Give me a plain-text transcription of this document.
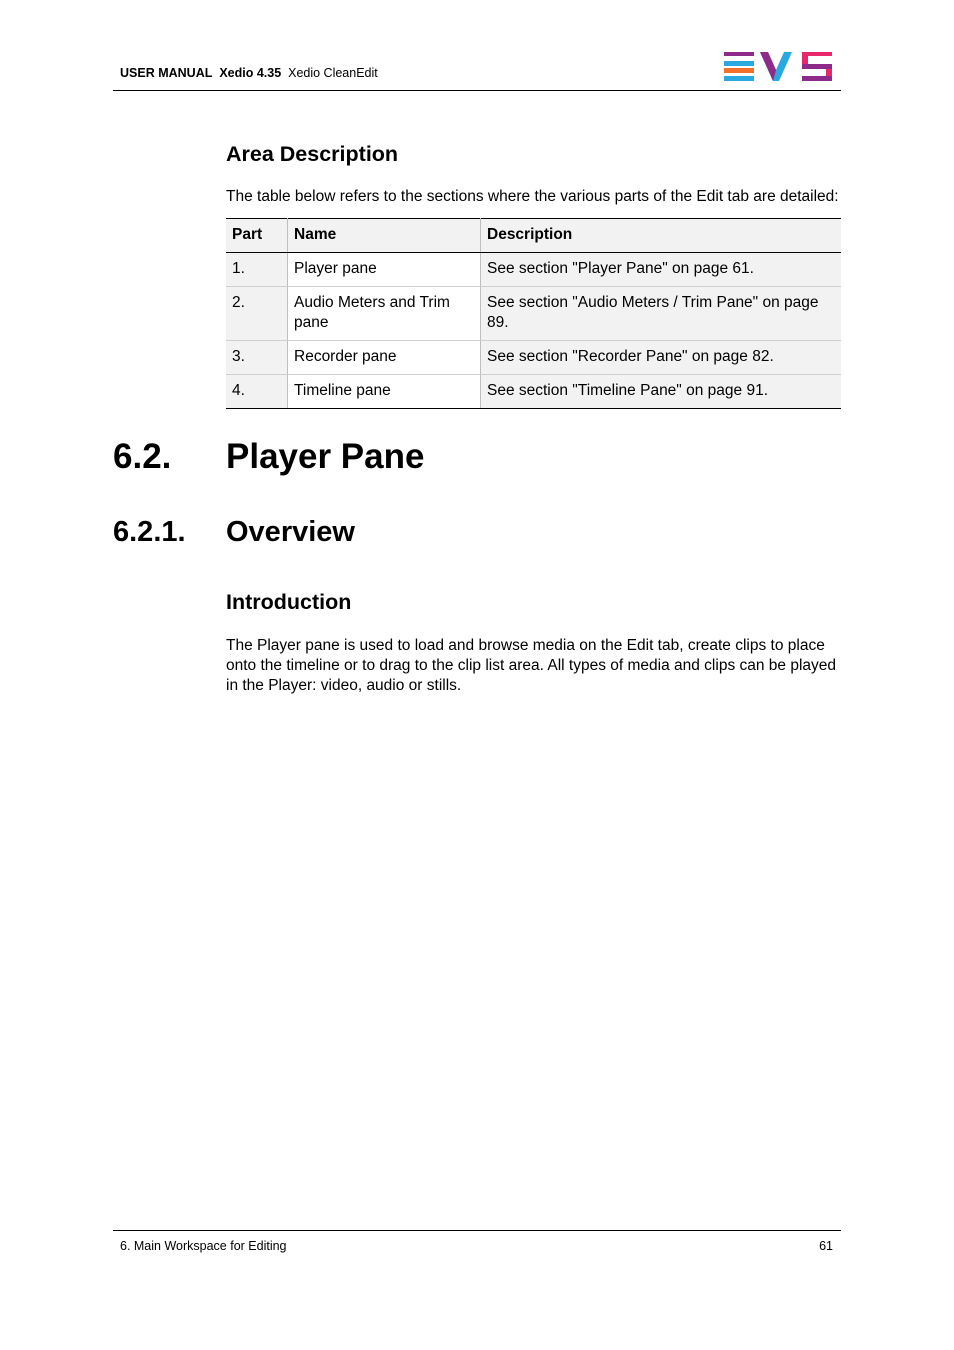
USER MANUAL Xedio 4.35 Xedio CleanEdit
Area Description

The table below refers to the sections where the various parts of the Edit tab are detailed:

Part	Name	Description
1.	Player pane	See section "Player Pane" on page 61.
2.	Audio Meters and Trim pane	See section "Audio Meters / Trim Pane" on page 89.
3.	Recorder pane	See section "Recorder Pane" on page 82.
4.	Timeline pane	See section "Timeline Pane" on page 91.
6.2. Player Pane
6.2.1. Overview
Introduction

The Player pane is used to load and browse media on the Edit tab, create clips to place onto the timeline or to drag to the clip list area. All types of media and clips can be played in the Player: video, audio or stills.

6. Main Workspace for Editing	61
